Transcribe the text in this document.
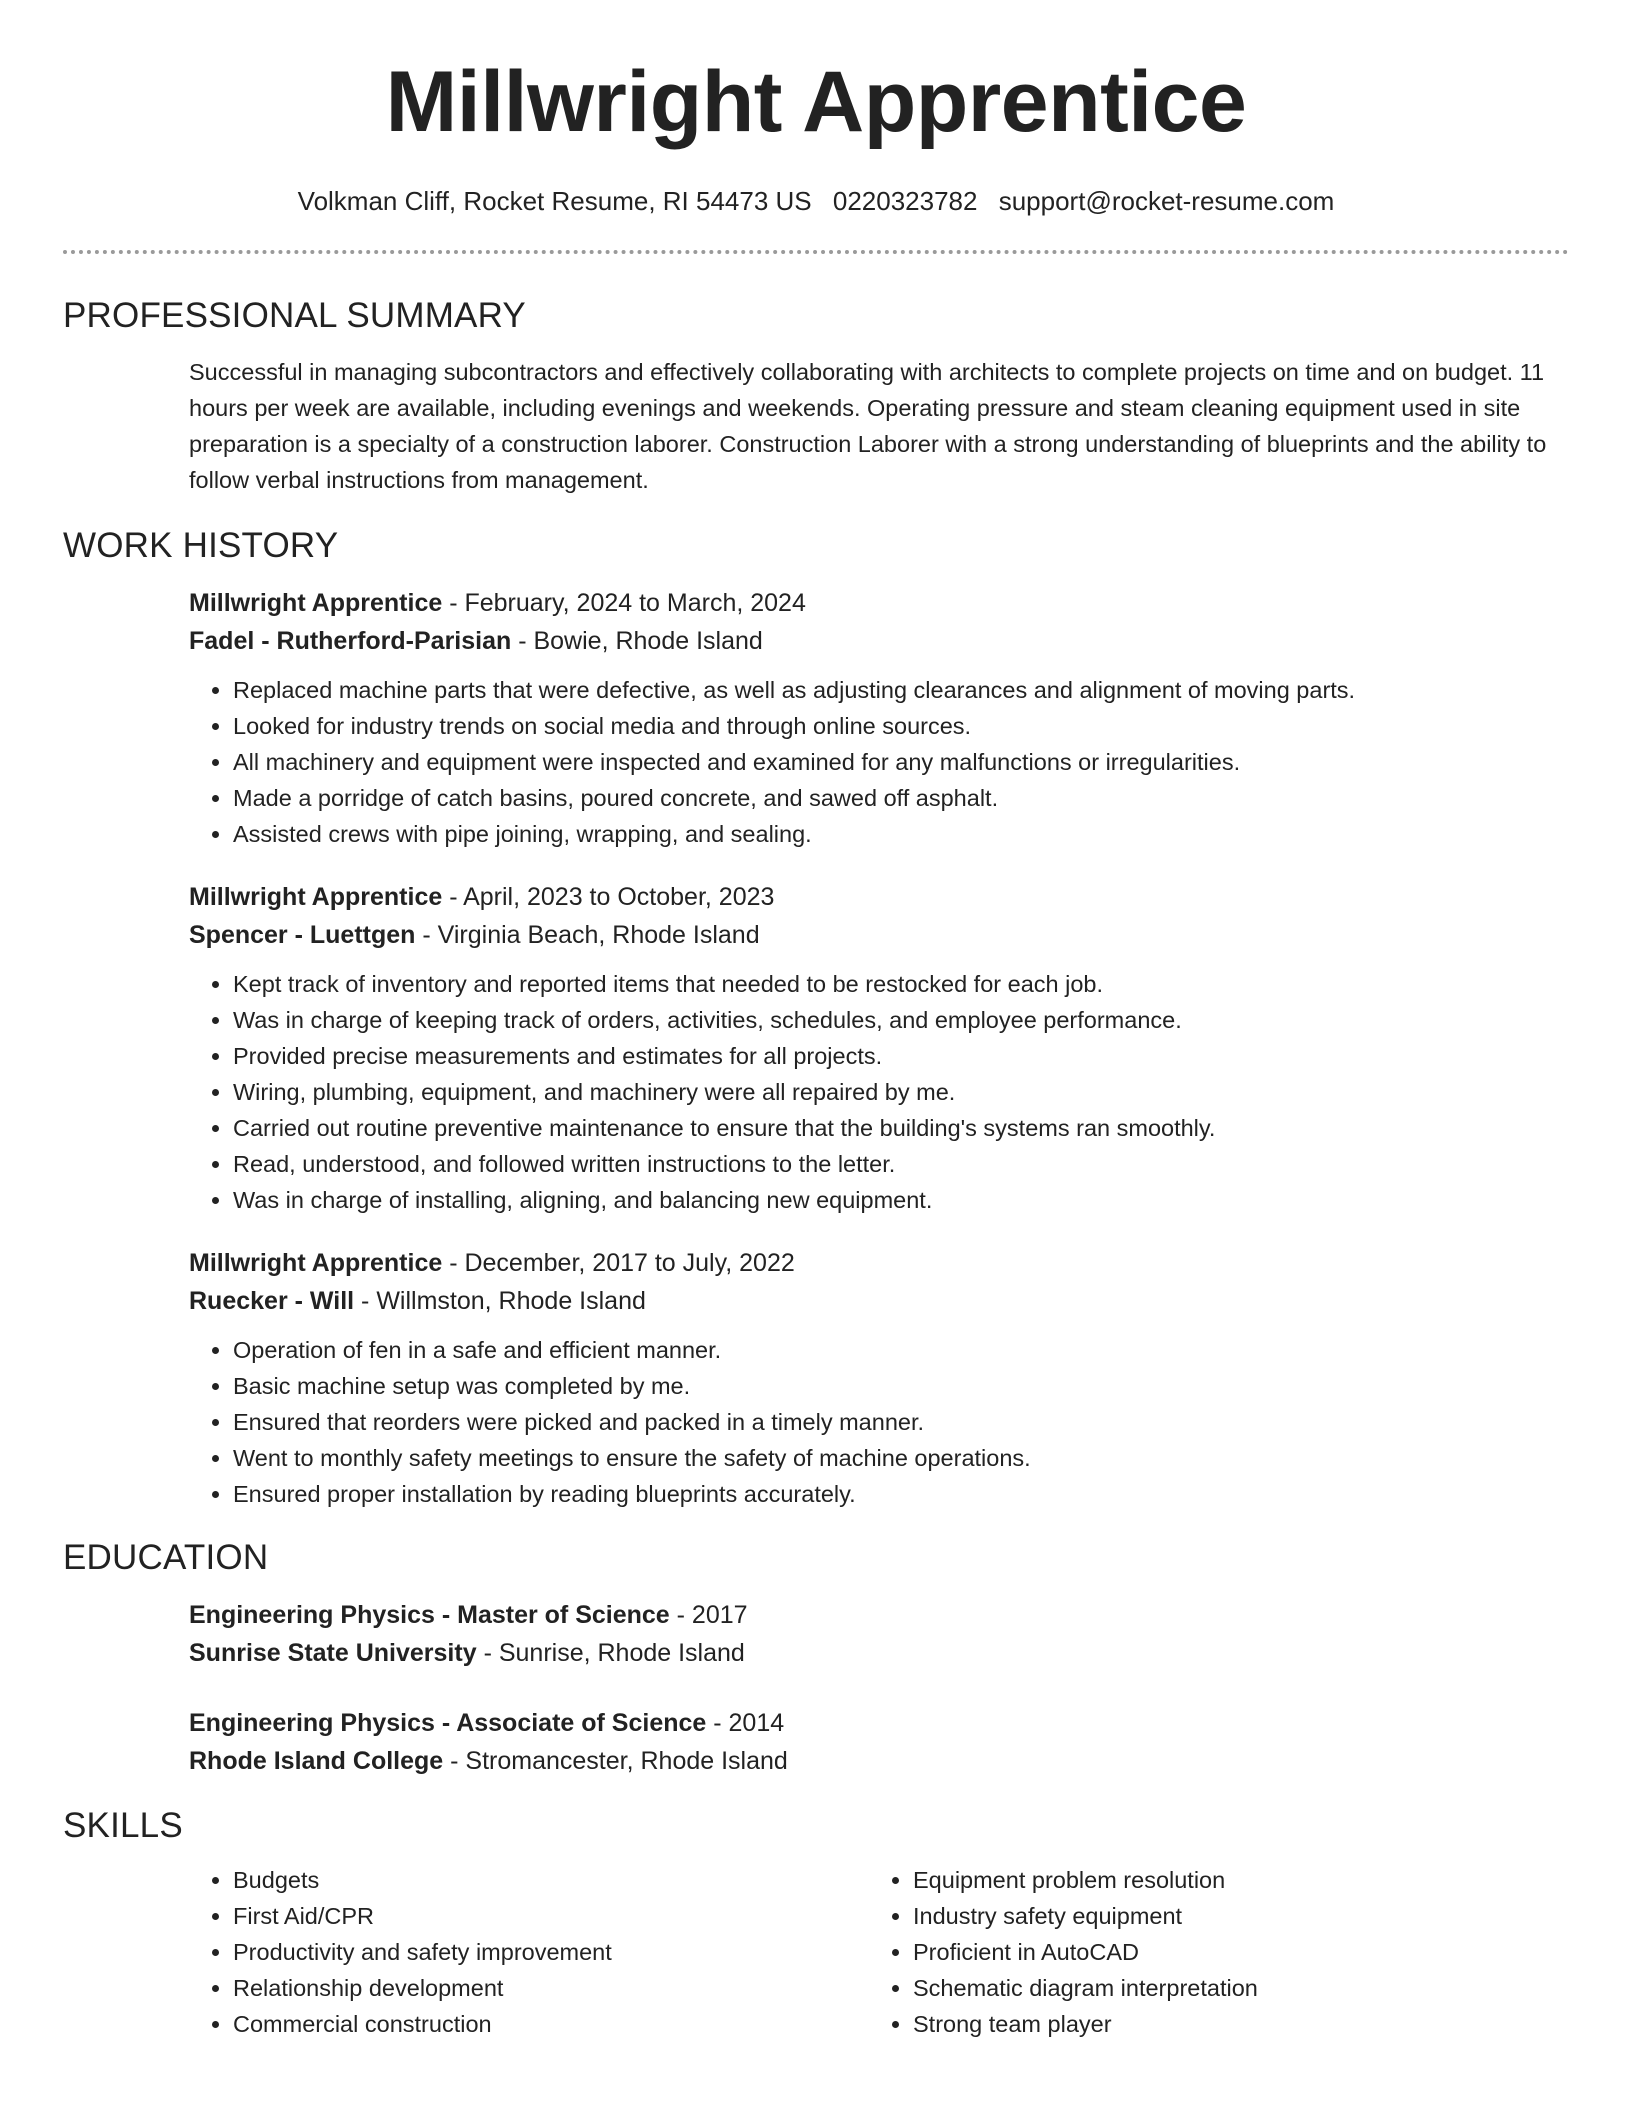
Millwright Apprentice
Volkman Cliff, Rocket Resume, RI 54473 US 0220323782 support@rocket-resume.com
PROFESSIONAL SUMMARY

Successful in managing subcontractors and effectively collaborating with architects to complete projects on time and on budget. 11 hours per week are available, including evenings and weekends. Operating pressure and steam cleaning equipment used in site preparation is a specialty of a construction laborer. Construction Laborer with a strong understanding of blueprints and the ability to follow verbal instructions from management.

WORK HISTORY
Millwright Apprentice - February, 2024 to March, 2024
Fadel - Rutherford-Parisian - Bowie, Rhode Island
• Replaced machine parts that were defective, as well as adjusting clearances and alignment of moving parts.
• Looked for industry trends on social media and through online sources.
• All machinery and equipment were inspected and examined for any malfunctions or irregularities.
• Made a porridge of catch basins, poured concrete, and sawed off asphalt.
• Assisted crews with pipe joining, wrapping, and sealing.
Millwright Apprentice - April, 2023 to October, 2023
Spencer - Luettgen - Virginia Beach, Rhode Island
• Kept track of inventory and reported items that needed to be restocked for each job.
• Was in charge of keeping track of orders, activities, schedules, and employee performance.
• Provided precise measurements and estimates for all projects.
• Wiring, plumbing, equipment, and machinery were all repaired by me.
• Carried out routine preventive maintenance to ensure that the building's systems ran smoothly.
• Read, understood, and followed written instructions to the letter.
• Was in charge of installing, aligning, and balancing new equipment.
Millwright Apprentice - December, 2017 to July, 2022
Ruecker - Will - Willmston, Rhode Island
• Operation of fen in a safe and efficient manner.
• Basic machine setup was completed by me.
• Ensured that reorders were picked and packed in a timely manner.
• Went to monthly safety meetings to ensure the safety of machine operations.
• Ensured proper installation by reading blueprints accurately.
EDUCATION
Engineering Physics - Master of Science - 2017
Sunrise State University - Sunrise, Rhode Island
Engineering Physics - Associate of Science - 2014
Rhode Island College - Stromancester, Rhode Island
SKILLS
• Budgets
• First Aid/CPR
• Productivity and safety improvement
• Relationship development
• Commercial construction
• Equipment problem resolution
• Industry safety equipment
• Proficient in AutoCAD
• Schematic diagram interpretation
• Strong team player
